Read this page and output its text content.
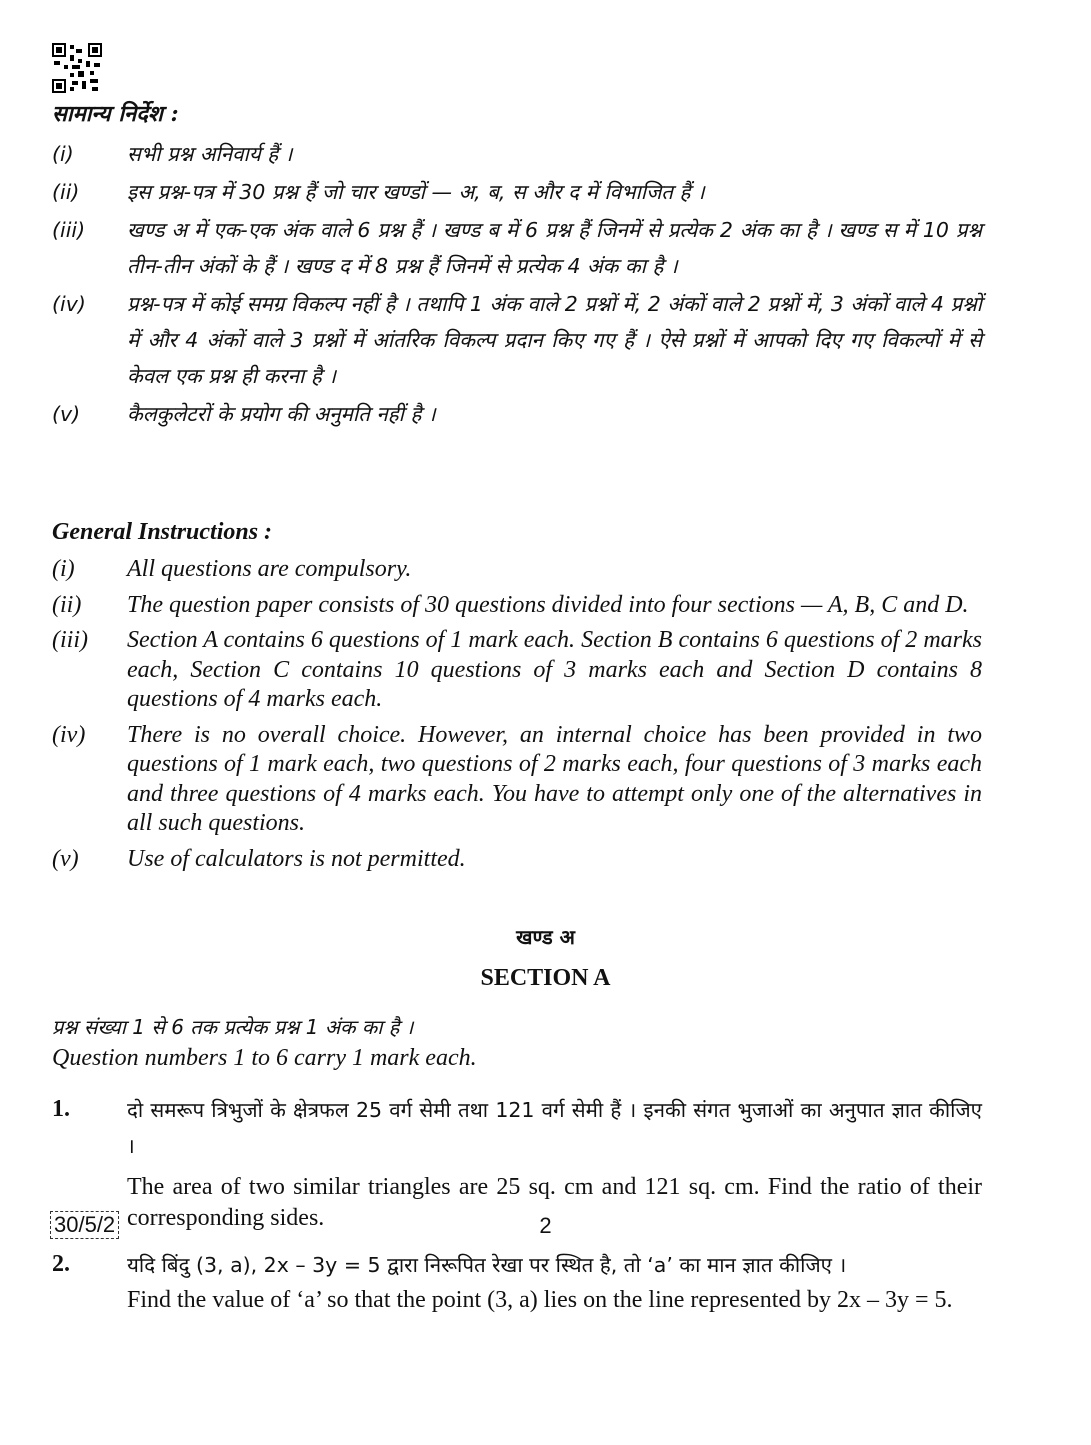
सामान्य निर्देश :
(i)	सभी प्रश्न अनिवार्य हैं ।
(ii)	इस प्रश्न-पत्र में 30 प्रश्न हैं जो चार खण्डों — अ, ब, स और द में विभाजित हैं ।
(iii)	खण्ड अ में एक-एक अंक वाले 6 प्रश्न हैं । खण्ड ब में 6 प्रश्न हैं जिनमें से प्रत्येक 2 अंक का है । खण्ड स में 10 प्रश्न तीन-तीन अंकों के हैं । खण्ड द में 8 प्रश्न हैं जिनमें से प्रत्येक 4 अंक का है ।
(iv)	प्रश्न-पत्र में कोई समग्र विकल्प नहीं है । तथापि 1 अंक वाले 2 प्रश्नों में, 2 अंकों वाले 2 प्रश्नों में, 3 अंकों वाले 4 प्रश्नों में और 4 अंकों वाले 3 प्रश्नों में आंतरिक विकल्प प्रदान किए गए हैं । ऐसे प्रश्नों में आपको दिए गए विकल्पों में से केवल एक प्रश्न ही करना है ।
(v)	कैलकुलेटरों के प्रयोग की अनुमति नहीं है ।
General Instructions :
(i)	All questions are compulsory.
(ii)	The question paper consists of 30 questions divided into four sections — A, B, C and D.
(iii)	Section A contains 6 questions of 1 mark each. Section B contains 6 questions of 2 marks each, Section C contains 10 questions of 3 marks each and Section D contains 8 questions of 4 marks each.
(iv)	There is no overall choice. However, an internal choice has been provided in two questions of 1 mark each, two questions of 2 marks each, four questions of 3 marks each and three questions of 4 marks each. You have to attempt only one of the alternatives in all such questions.
(v)	Use of calculators is not permitted.
खण्ड अ
SECTION A
प्रश्न संख्या 1 से 6 तक प्रत्येक प्रश्न 1 अंक का है ।
Question numbers 1 to 6 carry 1 mark each.
1.	दो समरूप त्रिभुजों के क्षेत्रफल 25 वर्ग सेमी तथा 121 वर्ग सेमी हैं । इनकी संगत भुजाओं का अनुपात ज्ञात कीजिए ।
The area of two similar triangles are 25 sq. cm and 121 sq. cm. Find the ratio of their corresponding sides.
2.	यदि बिंदु (3, a), 2x – 3y = 5 द्वारा निरूपित रेखा पर स्थित है, तो ‘a’ का मान ज्ञात कीजिए ।
Find the value of ‘a’ so that the point (3, a) lies on the line represented by 2x – 3y = 5.
30/5/2	2
